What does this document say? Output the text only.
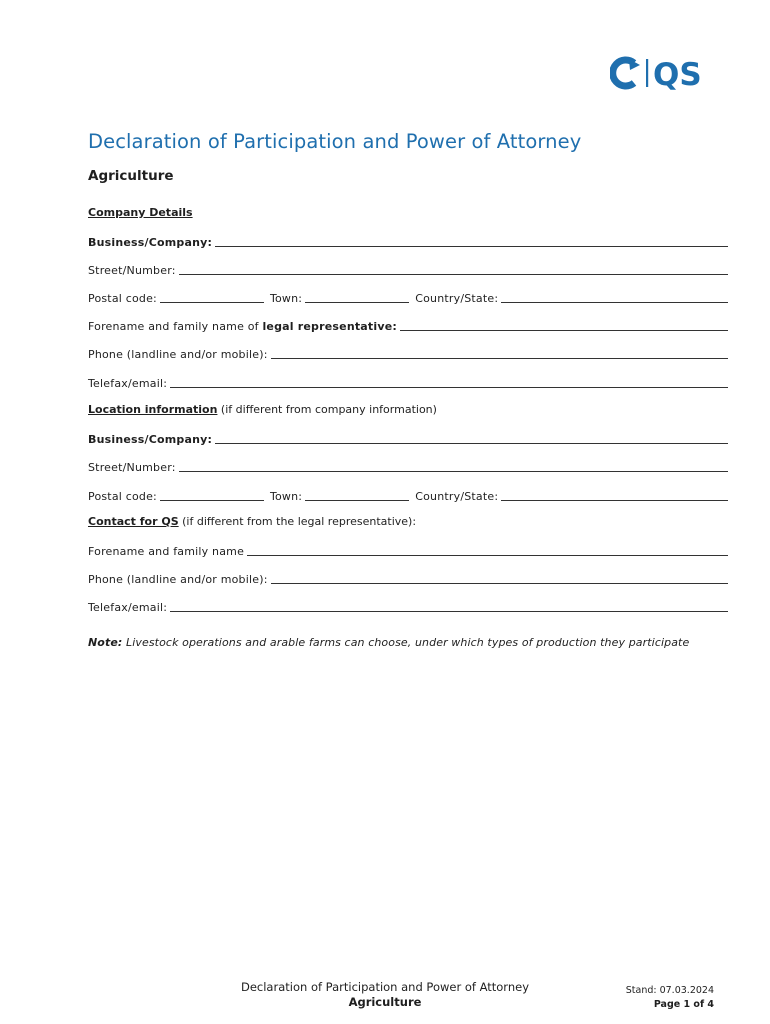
QS
Declaration of Participation and Power of Attorney
Agriculture
Company Details
Business/Company:
Street/Number:
Postal code:	Town:	Country/State:
Forename and family name of legal representative:
Phone (landline and/or mobile):
Telefax/email:
Location information (if different from company information)
Business/Company:
Street/Number:
Postal code:	Town:	Country/State:
Contact for QS (if different from the legal representative):
Forename and family name
Phone (landline and/or mobile):
Telefax/email:
Note: Livestock operations and arable farms can choose, under which types of production they participate
Declaration of Participation and Power of Attorney
Agriculture
Stand: 07.03.2024
Page 1 of 4
